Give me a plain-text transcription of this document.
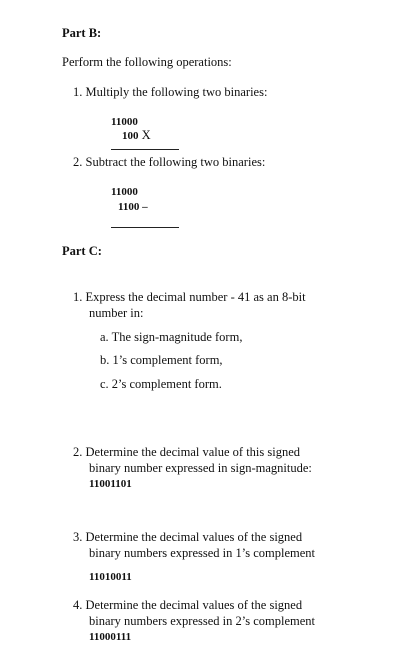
Part B:
Perform the following operations:
1. Multiply the following two binaries:
11000
100 X
2. Subtract the following two binaries:
11000
1100 –
Part C:
1. Express the decimal number - 41 as an 8-bit
number in:
a. The sign-magnitude form,
b. 1’s complement form,
c. 2’s complement form.
2. Determine the decimal value of this signed
binary number expressed in sign-magnitude:
11001101
3. Determine the decimal values of the signed
binary numbers expressed in 1’s complement
11010011
4. Determine the decimal values of the signed
binary numbers expressed in 2’s complement
11000111
